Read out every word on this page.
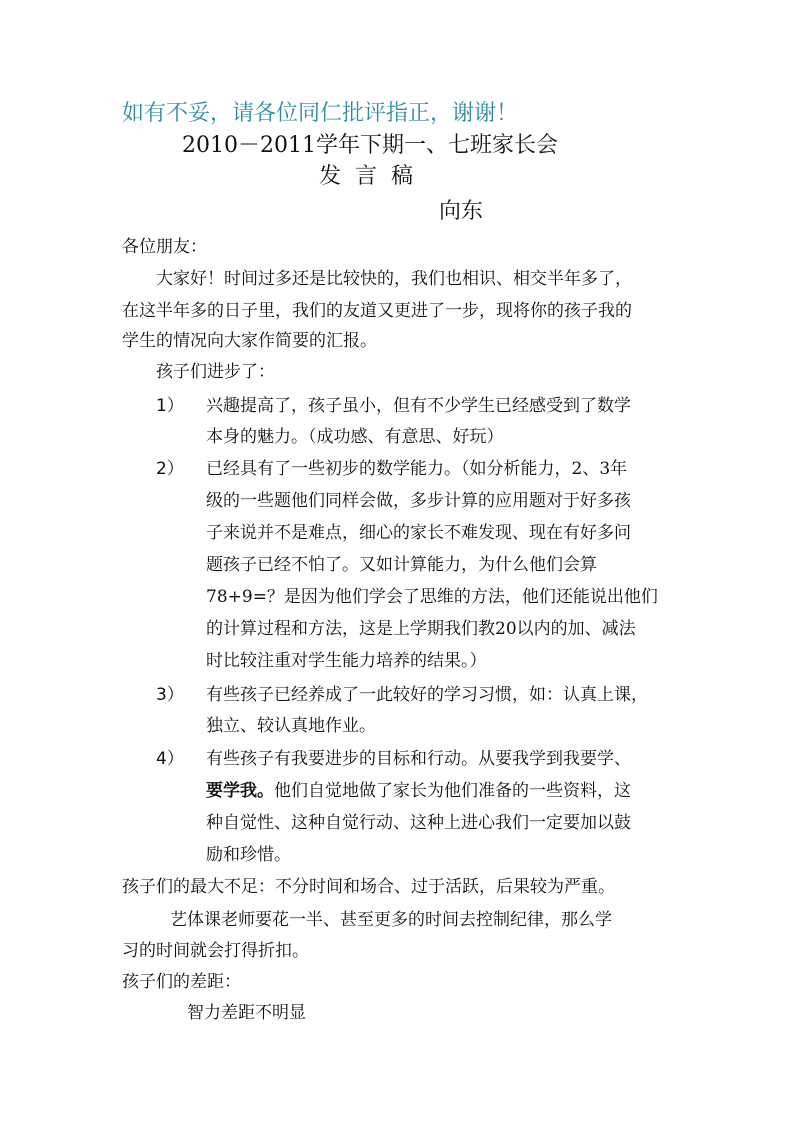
如有不妥，请各位同仁批评指正，谢谢！
2010－2011学年下期一、七班家长会
发言稿
向东
各位朋友：
大家好！时间过多还是比较快的，我们也相识、相交半年多了，
在这半年多的日子里，我们的友道又更进了一步，现将你的孩子我的
学生的情况向大家作简要的汇报。
孩子们进步了：
1） 兴趣提高了，孩子虽小，但有不少学生已经感受到了数学
本身的魅力。（成功感、有意思、好玩）
2） 已经具有了一些初步的数学能力。（如分析能力，2、3年
级的一些题他们同样会做，多步计算的应用题对于好多孩
子来说并不是难点，细心的家长不难发现、现在有好多问
题孩子已经不怕了。又如计算能力，为什么他们会算
78+9=？是因为他们学会了思维的方法，他们还能说出他们
的计算过程和方法，这是上学期我们教20以内的加、减法
时比较注重对学生能力培养的结果。）
3） 有些孩子已经养成了一此较好的学习习惯，如：认真上课，
独立、较认真地作业。
4） 有些孩子有我要进步的目标和行动。从要我学到我要学、
要学我。他们自觉地做了家长为他们准备的一些资料，这
种自觉性、这种自觉行动、这种上进心我们一定要加以鼓
励和珍惜。
孩子们的最大不足：不分时间和场合、过于活跃，后果较为严重。
艺体课老师要花一半、甚至更多的时间去控制纪律，那么学
习的时间就会打得折扣。
孩子们的差距：
智力差距不明显
